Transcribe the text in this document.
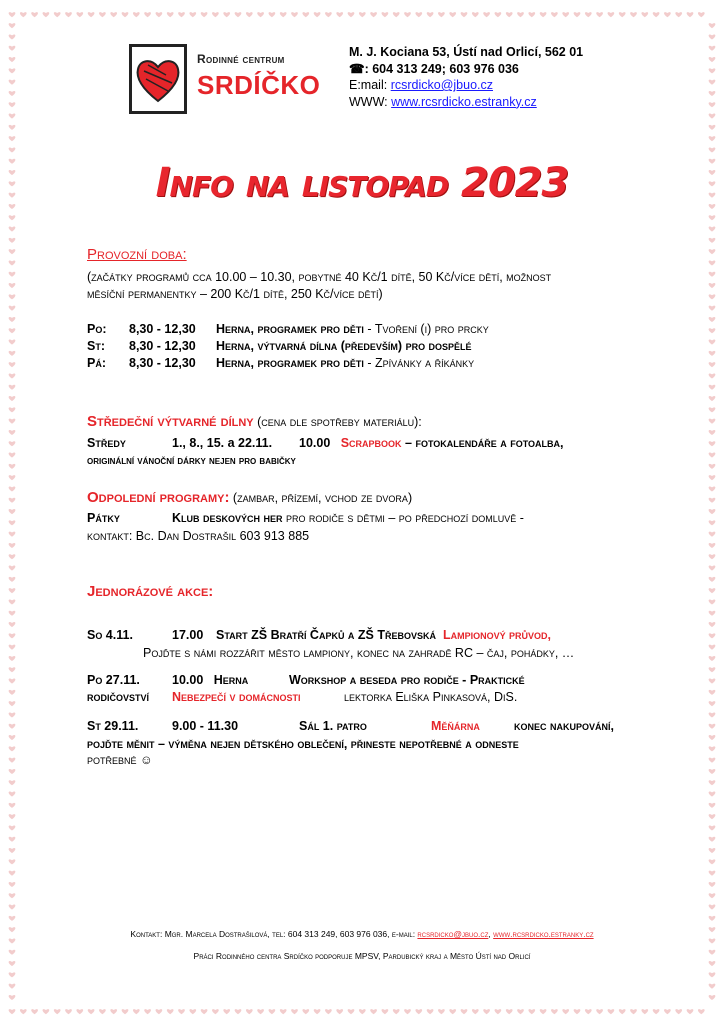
Rodinné centrum
SRDÍČKO
M. J. Kociana 53, Ústí nad Orlicí, 562 01
☎: 604 313 249; 603 976 036
E:mail: rcsrdicko@jbuo.cz
WWW: www.rcsrdicko.estranky.cz
Info na listopad 2023
Provozní doba:
(začátky programů cca 10.00 – 10.30, pobytné 40 Kč/1 dítě, 50 Kč/více dětí, možnost
měsíční permanentky – 200 Kč/1 dítě, 250 Kč/více dětí)
Po: 8,30 - 12,30 Herna, programek pro děti - Tvoření (i) pro prcky
St: 8,30 - 12,30 Herna, výtvarná dílna (především) pro dospělé
Pá: 8,30 - 12,30 Herna, programek pro děti - Zpívánky a říkánky
Středeční výtvarné dílny (cena dle spotřeby materiálu):
Středy	1., 8., 15. a 22.11. 10.00 Scrapbook – fotokalendáře a fotoalba,
originální vánoční dárky nejen pro babičky
Odpolední programy: (zambar, přízemí, vchod ze dvora)
Pátky	Klub deskových her pro rodiče s dětmi – po předchozí domluvě -
kontakt: Bc. Dan Dostrašil 603 913 885
Jednorázové akce:
So 4.11.	17.00 Start ZŠ Bratří Čapků a ZŠ Třebovská Lampionový průvod,
Pojďte s námi rozzářit město lampiony, konec na zahradě RC – čaj, pohádky, …
Po 27.11.	10.00 Herna	Workshop a beseda pro rodiče - Praktické
rodičovství Nebezpečí v domácnosti	lektorka Eliška Pinkasová, DiS.
St 29.11.	9.00 - 11.30	Sál 1. patro	Měňárna	konec nakupování,
pojďte měnit – výměna nejen dětského oblečení, přineste nepotřebné a odneste
potřebné ☺
Kontakt: Mgr. Marcela Dostrašilová, tel: 604 313 249, 603 976 036, e-mail: rcsrdicko@jbuo.cz, www.rcsrdicko.estranky.cz
Práci Rodinného centra Srdíčko podporuje MPSV, Pardubický kraj a Město Ústí nad Orlicí
